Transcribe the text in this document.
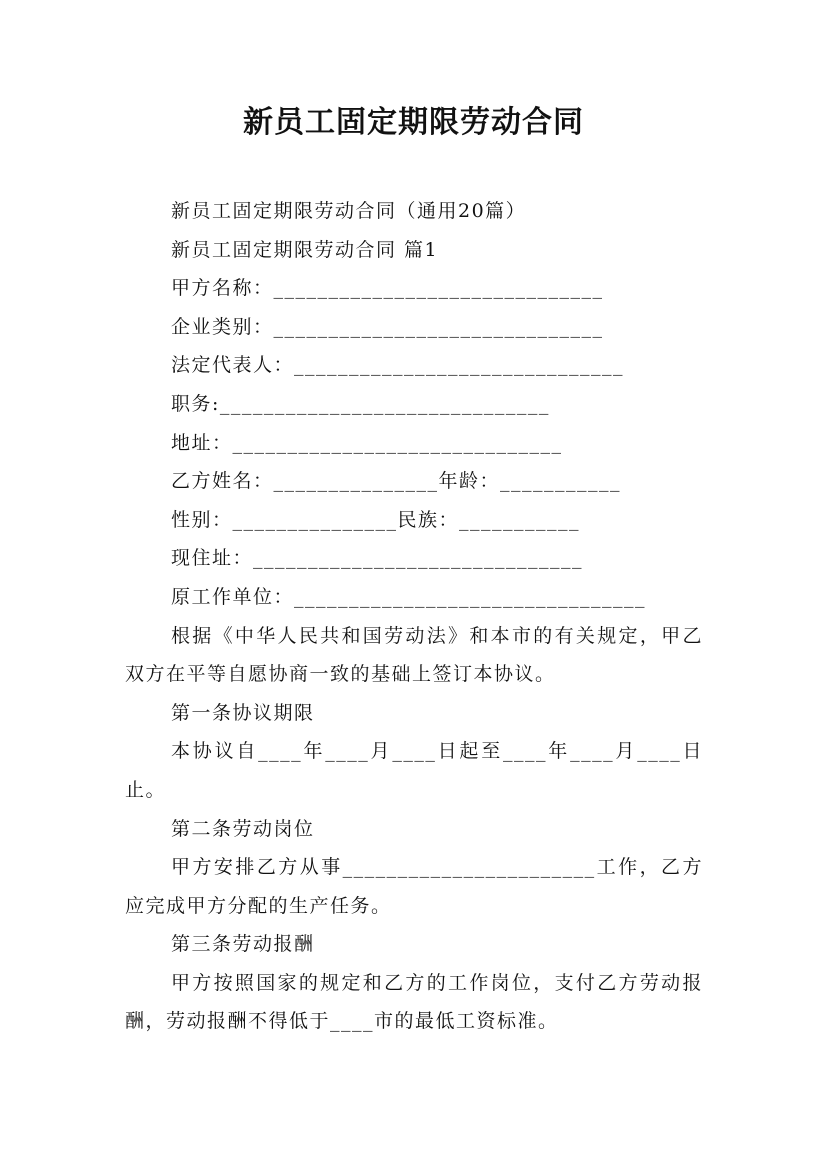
新员工固定期限劳动合同
新员工固定期限劳动合同（通用20篇）
新员工固定期限劳动合同 篇1
甲方名称：______________________________
企业类别：______________________________
法定代表人：______________________________
职务:______________________________
地址：______________________________
乙方姓名：_______________年龄：___________
性别：_______________民族：___________
现住址：______________________________
原工作单位：________________________________
根据《中华人民共和国劳动法》和本市的有关规定，甲乙双方在平等自愿协商一致的基础上签订本协议。
第一条协议期限
本协议自____年____月____日起至____年____月____日止。
第二条劳动岗位
甲方安排乙方从事_______________________工作，乙方应完成甲方分配的生产任务。
第三条劳动报酬
甲方按照国家的规定和乙方的工作岗位，支付乙方劳动报酬，劳动报酬不得低于____市的最低工资标准。
